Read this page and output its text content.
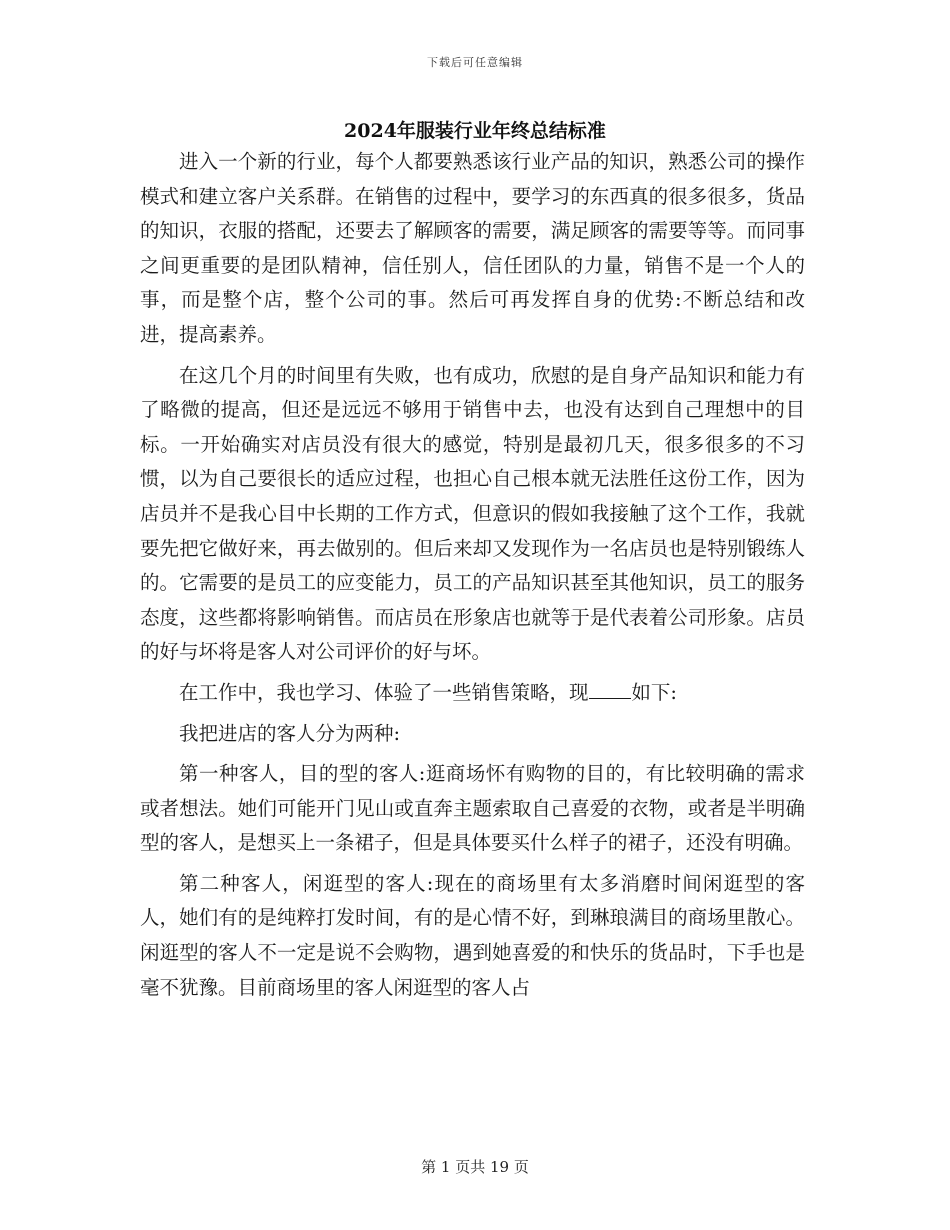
下载后可任意编辑
2024年服装行业年终总结标准

进入一个新的行业，每个人都要熟悉该行业产品的知识，熟悉公司的操作模式和建立客户关系群。在销售的过程中，要学习的东西真的很多很多，货品的知识，衣服的搭配，还要去了解顾客的需要，满足顾客的需要等等。而同事之间更重要的是团队精神，信任别人，信任团队的力量，销售不是一个人的事，而是整个店，整个公司的事。然后可再发挥自身的优势:不断总结和改进，提高素养。

在这几个月的时间里有失败，也有成功，欣慰的是自身产品知识和能力有了略微的提高，但还是远远不够用于销售中去，也没有达到自己理想中的目标。一开始确实对店员没有很大的感觉，特别是最初几天，很多很多的不习惯，以为自己要很长的适应过程，也担心自己根本就无法胜任这份工作，因为店员并不是我心目中长期的工作方式，但意识的假如我接触了这个工作，我就要先把它做好来，再去做别的。但后来却又发现作为一名店员也是特别锻练人的。它需要的是员工的应变能力，员工的产品知识甚至其他知识，员工的服务态度，这些都将影响销售。而店员在形象店也就等于是代表着公司形象。店员的好与坏将是客人对公司评价的好与坏。

在工作中，我也学习、体验了一些销售策略，现 如下:

我把进店的客人分为两种:

第一种客人，目的型的客人:逛商场怀有购物的目的，有比较明确的需求或者想法。她们可能开门见山或直奔主题索取自己喜爱的衣物，或者是半明确型的客人，是想买上一条裙子，但是具体要买什么样子的裙子，还没有明确。

第二种客人，闲逛型的客人:现在的商场里有太多消磨时间闲逛型的客人，她们有的是纯粹打发时间，有的是心情不好，到琳琅满目的商场里散心。闲逛型的客人不一定是说不会购物，遇到她喜爱的和快乐的货品时，下手也是毫不犹豫。目前商场里的客人闲逛型的客人占

第 1 页共 19 页
